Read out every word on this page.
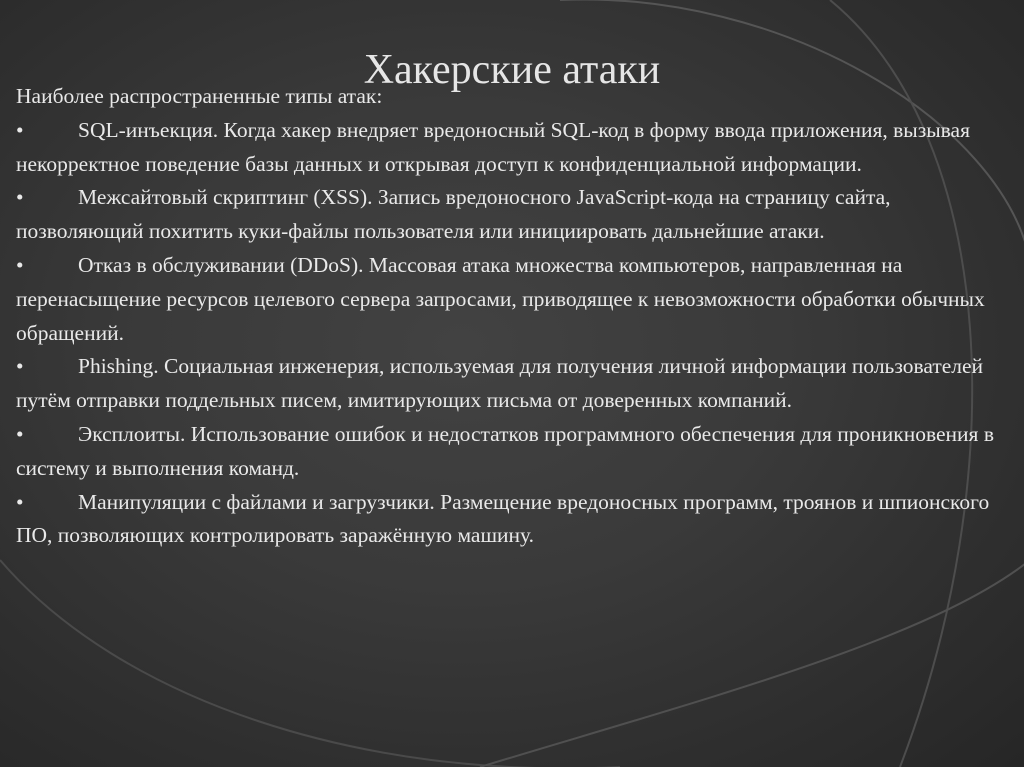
Хакерские атаки

Наиболее распространенные типы атак:

•	SQL-инъекция. Когда хакер внедряет вредоносный SQL-код в форму ввода приложения, вызывая некорректное поведение базы данных и открывая доступ к конфиденциальной информации.

•	Межсайтовый скриптинг (XSS). Запись вредоносного JavaScript-кода на страницу сайта, позволяющий похитить куки-файлы пользователя или инициировать дальнейшие атаки.

•	Отказ в обслуживании (DDoS). Массовая атака множества компьютеров, направленная на перенасыщение ресурсов целевого сервера запросами, приводящее к невозможности обработки обычных обращений.

•	Phishing. Социальная инженерия, используемая для получения личной информации пользователей путём отправки поддельных писем, имитирующих письма от доверенных компаний.

•	Эксплоиты. Использование ошибок и недостатков программного обеспечения для проникновения в систему и выполнения команд.

•	Манипуляции с файлами и загрузчики. Размещение вредоносных программ, троянов и шпионского ПО, позволяющих контролировать заражённую машину.
